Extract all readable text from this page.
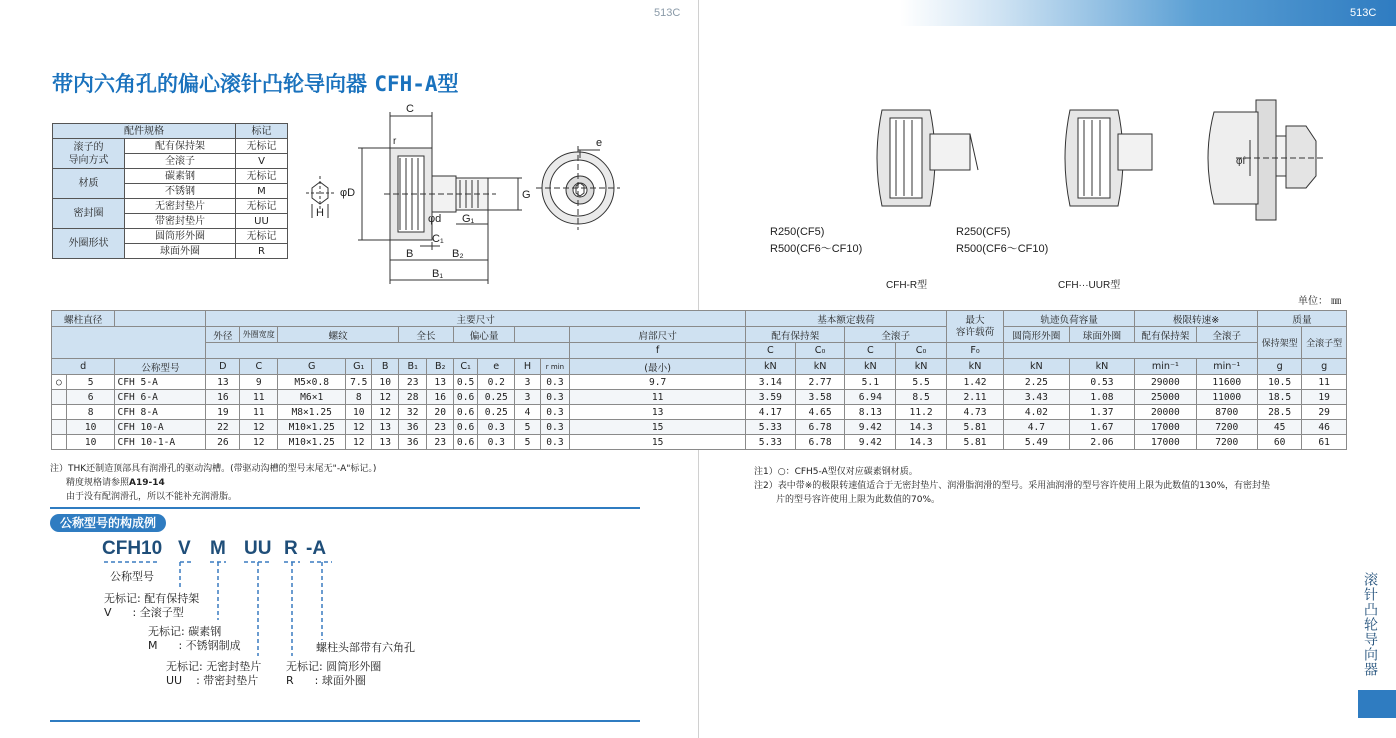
513C	513C
带内六角孔的偏心滚针凸轮导向器 CFH-A型
配件规格		标记
滚子的
导向方式	配有保持架	无标记
	全滚子	V
材质	碳素钢	无标记
	不锈钢	M
密封圈	无密封垫片	无标记
	带密封垫片	UU
外圈形状	圆筒形外圈	无标记
	球面外圈	R
C
r
φD	G
φd G₁
H
C₁
B	B₂
B₁
e
φf
R250(CF5)
R500(CF6～CF10)
CFH-R型
R250(CF5)
R500(CF6～CF10)
CFH···UUR型
单位： ㎜
螺柱直径			主要尺寸												基本额定载荷				最大
容许载荷	轨迹负荷容量		极限转速※		质量	
			外径	外圈宽度	螺纹			全长		偏心量				肩部尺寸	配有保持架		全滚子			圆筒形外圈	球面外圈	配有保持架	全滚子	保持架型	全滚子型
														f	C	C₀	C	C₀	F₀						
d		公称型号	D	C	G	G₁	B	B₁	B₂	C₁	e	H	r min	(最小)	kN	kN	kN	kN	kN	kN	kN	min⁻¹	min⁻¹	g	g
○	5	CFH 5-A	13	9	M5×0.8	7.5	10	23	13	0.5	0.2	3	0.3	9.7	3.14	2.77	5.1	5.5	1.42	2.25	0.53	29000	11600	10.5	11
	6	CFH 6-A	16	11	M6×1	8	12	28	16	0.6	0.25	3	0.3	11	3.59	3.58	6.94	8.5	2.11	3.43	1.08	25000	11000	18.5	19
	8	CFH 8-A	19	11	M8×1.25	10	12	32	20	0.6	0.25	4	0.3	13	4.17	4.65	8.13	11.2	4.73	4.02	1.37	20000	8700	28.5	29
	10	CFH 10-A	22	12	M10×1.25	12	13	36	23	0.6	0.3	5	0.3	15	5.33	6.78	9.42	14.3	5.81	4.7	1.67	17000	7200	45	46
	10	CFH 10-1-A	26	12	M10×1.25	12	13	36	23	0.6	0.3	5	0.3	15	5.33	6.78	9.42	14.3	5.81	5.49	2.06	17000	7200	60	61
注）THK还制造顶部具有润滑孔的驱动沟槽。(带驱动沟槽的型号末尾无"-A"标记。)
精度规格请参照A19-14
由于没有配润滑孔，所以不能补充润滑脂。
注1）○：CFH5-A型仅对应碳素钢材质。
注2）表中带※的极限转速值适合于无密封垫片、润滑脂润滑的型号。采用油润滑的型号容许使用上限为此数值的130%，有密封垫
片的型号容许使用上限为此数值的70%。
公称型号的构成例
CFH10 V M UU R -A
公称型号
无标记: 配有保持架
V      : 全滚子型
无标记: 碳素钢
M      : 不锈钢制成
无标记: 无密封垫片
UU    : 带密封垫片
无标记: 圆筒形外圈
R      : 球面外圈
螺柱头部带有六角孔	滚针凸轮导向器
